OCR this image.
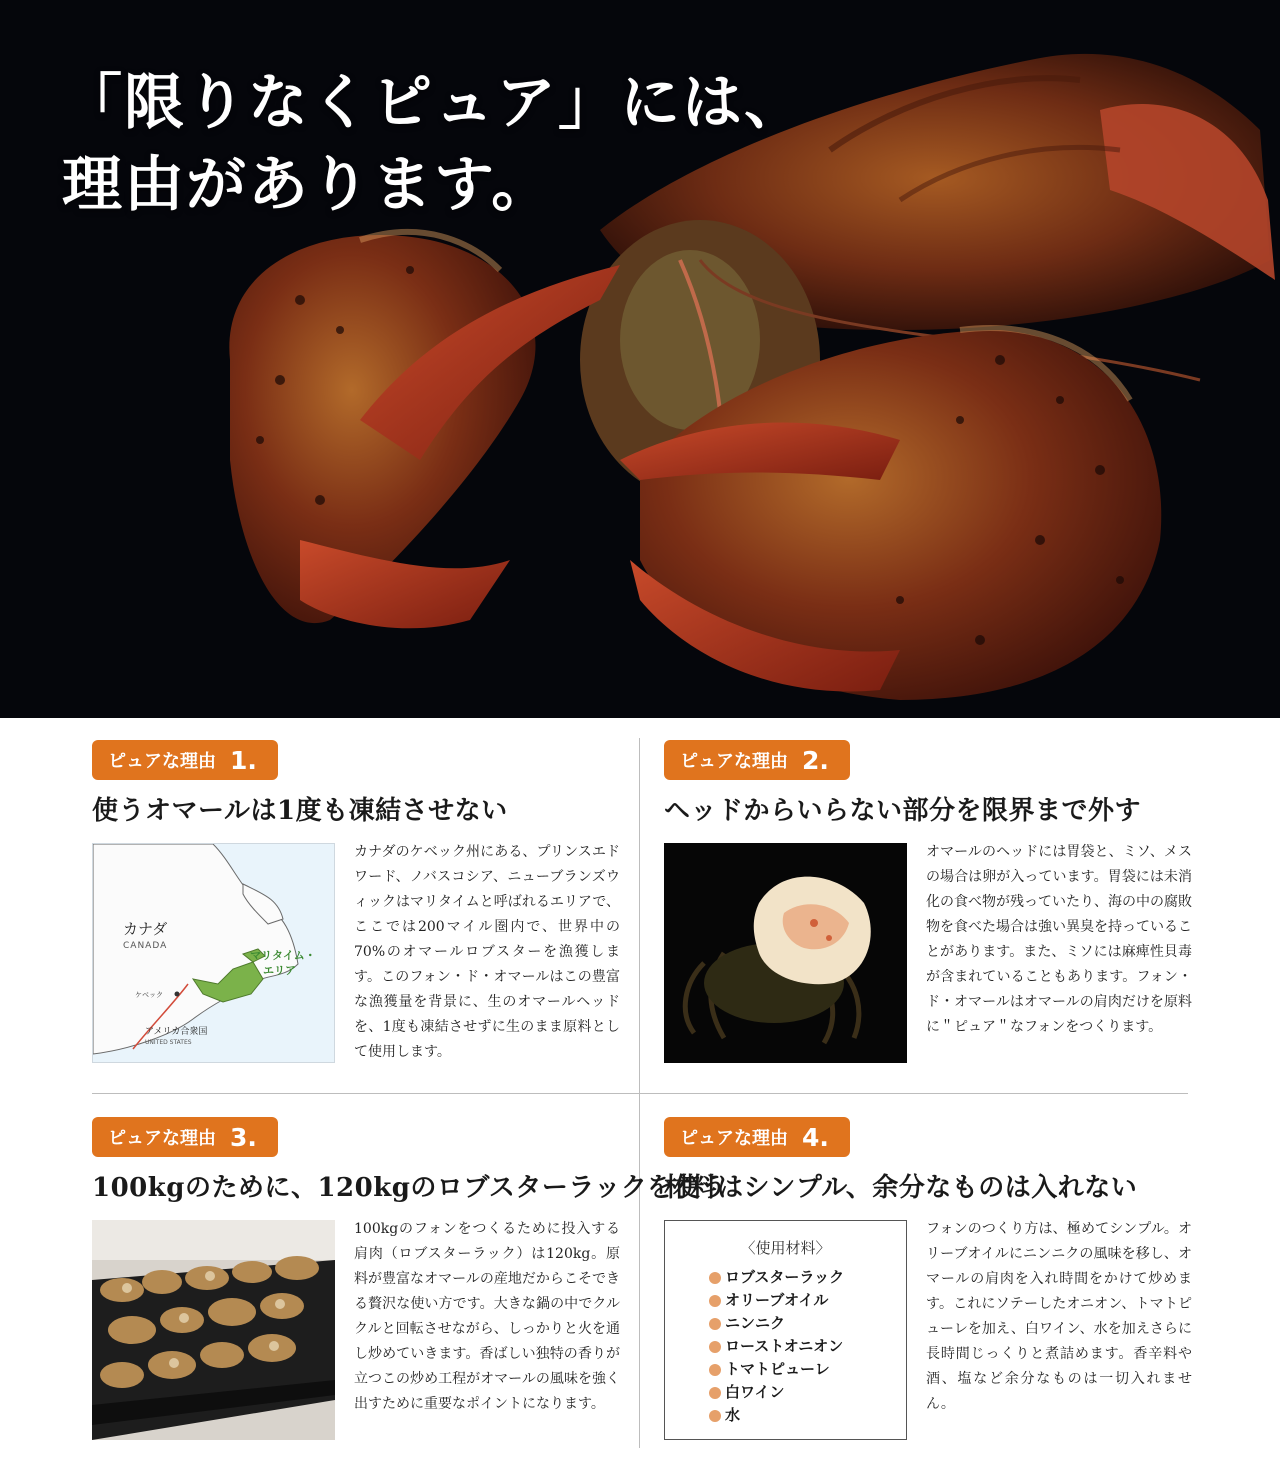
「限りなくピュア」には、
理由があります。
ピュアな理由 1.
使うオマールは1度も凍結させない
カナダ
CANADA
マリタイム・
エリア
ケベック
アメリカ合衆国
UNITED STATES

カナダのケベック州にある、プリンスエドワード、ノバスコシア、ニューブランズウィックはマリタイムと呼ばれるエリアで、ここでは200マイル圏内で、世界中の70%のオマールロブスターを漁獲します。このフォン・ド・オマールはこの豊富な漁獲量を背景に、生のオマールヘッドを、1度も凍結させずに生のまま原料として使用します。

ピュアな理由 2.
ヘッドからいらない部分を限界まで外す

オマールのヘッドには胃袋と、ミソ、メスの場合は卵が入っています。胃袋には未消化の食べ物が残っていたり、海の中の腐敗物を食べた場合は強い異臭を持っていることがあります。また、ミソには麻痺性貝毒が含まれていることもあります。フォン・ド・オマールはオマールの肩肉だけを原料に＂ピュア＂なフォンをつくります。

ピュアな理由 3.
100kgのために、120kgのロブスターラックを使う

100kgのフォンをつくるために投入する肩肉（ロブスターラック）は120kg。原料が豊富なオマールの産地だからこそできる贅沢な使い方です。大きな鍋の中でクルクルと回転させながら、しっかりと火を通し炒めていきます。香ばしい独特の香りが立つこの炒め工程がオマールの風味を強く出すために重要なポイントになります。

ピュアな理由 4.
材料はシンプル、余分なものは入れない
〈使用材料〉
ロブスターラック
オリーブオイル
ニンニク
ローストオニオン
トマトピューレ
白ワイン
水

フォンのつくり方は、極めてシンプル。オリーブオイルにニンニクの風味を移し、オマールの肩肉を入れ時間をかけて炒めます。これにソテーしたオニオン、トマトピューレを加え、白ワイン、水を加えさらに長時間じっくりと煮詰めます。香辛料や酒、塩など余分なものは一切入れません。
